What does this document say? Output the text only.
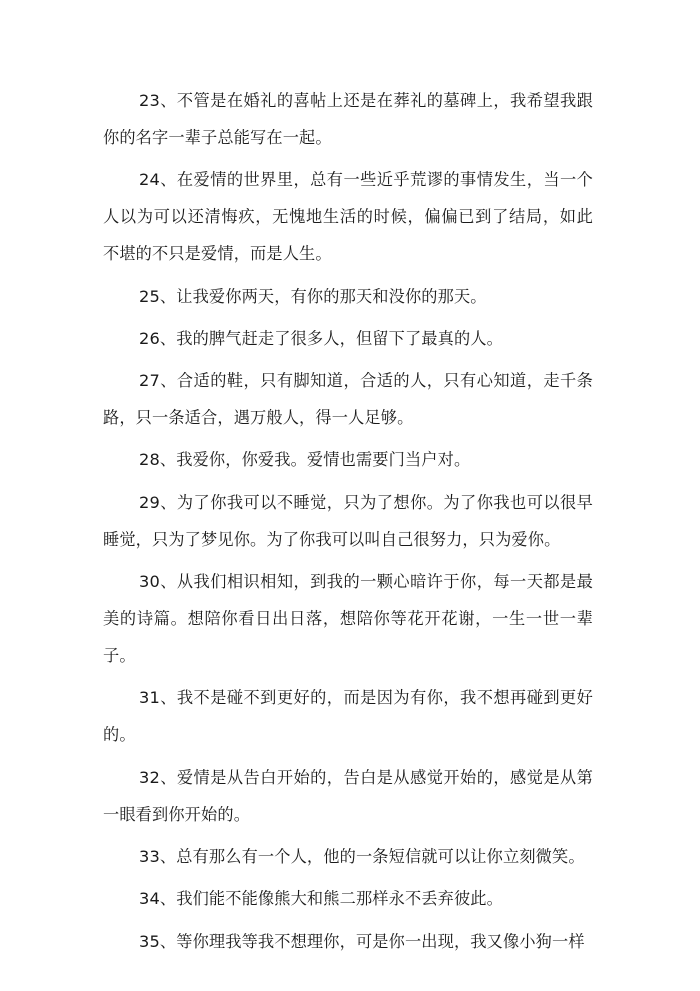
23、不管是在婚礼的喜帖上还是在葬礼的墓碑上，我希望我跟你的名字一辈子总能写在一起。

24、在爱情的世界里，总有一些近乎荒谬的事情发生，当一个人以为可以还清悔疚，无愧地生活的时候，偏偏已到了结局，如此不堪的不只是爱情，而是人生。

25、让我爱你两天，有你的那天和没你的那天。

26、我的脾气赶走了很多人，但留下了最真的人。

27、合适的鞋，只有脚知道，合适的人，只有心知道，走千条路，只一条适合，遇万般人，得一人足够。

28、我爱你，你爱我。爱情也需要门当户对。

29、为了你我可以不睡觉，只为了想你。为了你我也可以很早睡觉，只为了梦见你。为了你我可以叫自己很努力，只为爱你。

30、从我们相识相知，到我的一颗心暗许于你，每一天都是最美的诗篇。想陪你看日出日落，想陪你等花开花谢，一生一世一辈子。

31、我不是碰不到更好的，而是因为有你，我不想再碰到更好的。

32、爱情是从告白开始的，告白是从感觉开始的，感觉是从第一眼看到你开始的。

33、总有那么有一个人，他的一条短信就可以让你立刻微笑。

34、我们能不能像熊大和熊二那样永不丢弃彼此。

35、等你理我等我不想理你，可是你一出现，我又像小狗一样
